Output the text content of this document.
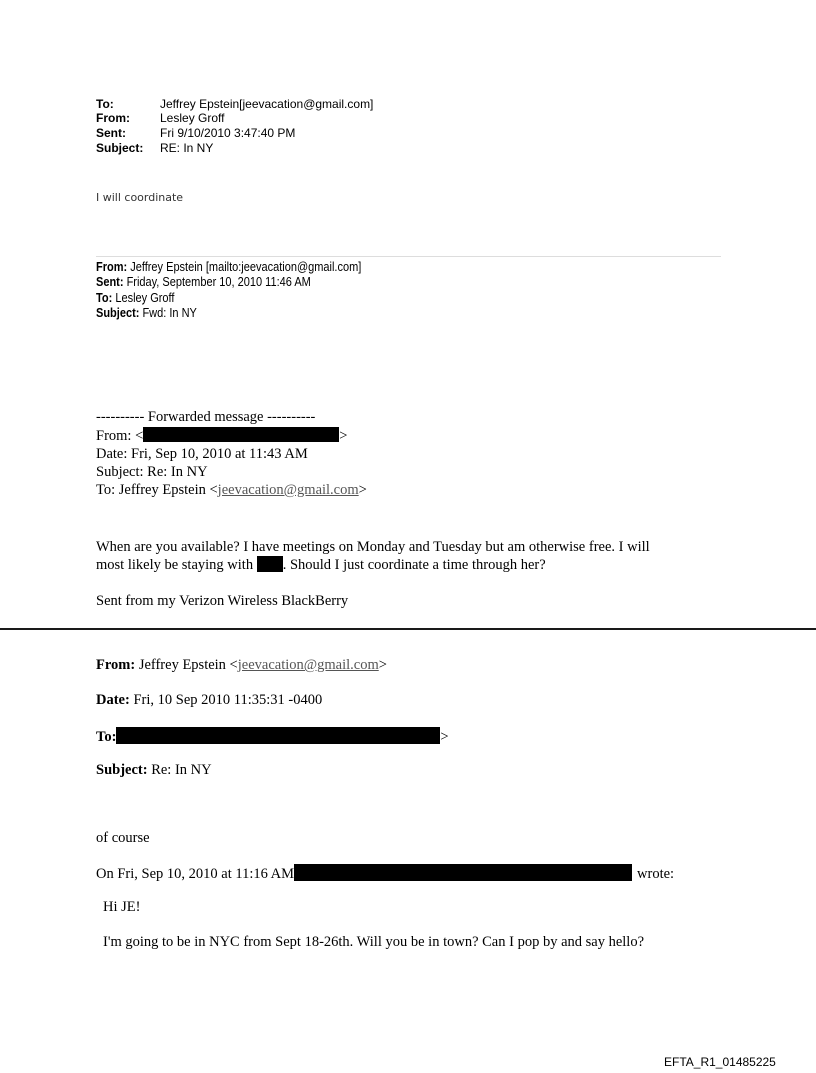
To:	Jeffrey Epstein[jeevacation@gmail.com]
From:	Lesley Groff
Sent:	Fri 9/10/2010 3:47:40 PM
Subject: RE: In NY
I will coordinate
From: Jeffrey Epstein [mailto:jeevacation@gmail.com]
Sent: Friday, September 10, 2010 11:46 AM
To: Lesley Groff
Subject: Fwd: In NY
---------- Forwarded message ----------
From: <	>
Date: Fri, Sep 10, 2010 at 11:43 AM
Subject: Re: In NY
To: Jeffrey Epstein <jeevacation@gmail.com>
When are you available? I have meetings on Monday and Tuesday but am otherwise free. I will
most likely be staying with . Should I just coordinate a time through her?
Sent from my Verizon Wireless BlackBerry
From: Jeffrey Epstein <jeevacation@gmail.com>
Date: Fri, 10 Sep 2010 11:35:31 -0400
To:	>
Subject: Re: In NY
of course
On Fri, Sep 10, 2010 at 11:16 AM	wrote:
Hi JE!
I'm going to be in NYC from Sept 18-26th. Will you be in town? Can I pop by and say hello?
EFTA_R1_01485225
